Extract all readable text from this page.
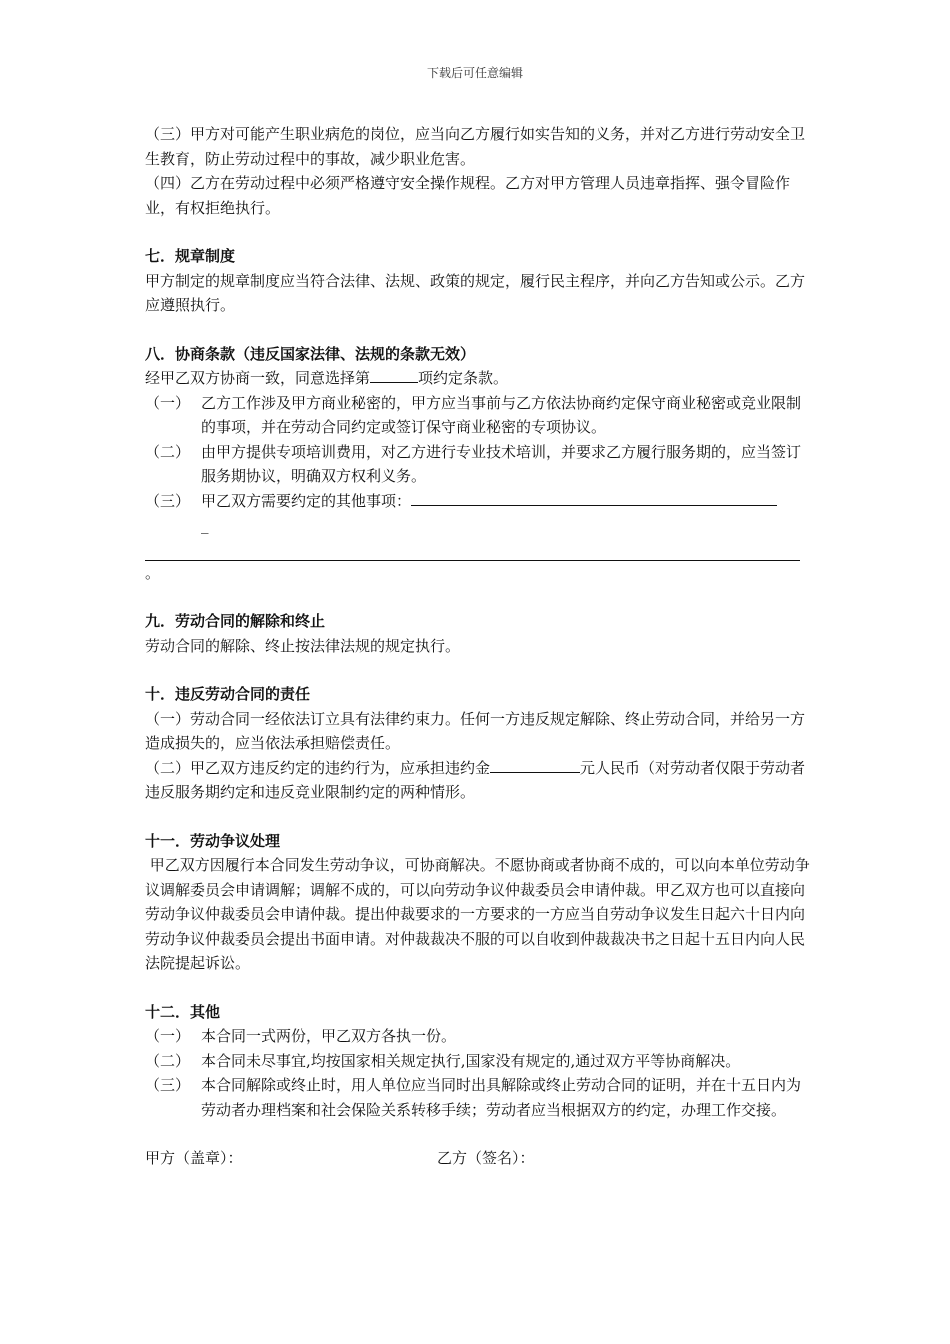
下载后可任意编辑

（三）甲方对可能产生职业病危的岗位，应当向乙方履行如实告知的义务，并对乙方进行劳动安全卫生教育，防止劳动过程中的事故，减少职业危害。

（四）乙方在劳动过程中必须严格遵守安全操作规程。乙方对甲方管理人员违章指挥、强令冒险作业，有权拒绝执行。

七．规章制度

甲方制定的规章制度应当符合法律、法规、政策的规定，履行民主程序，并向乙方告知或公示。乙方应遵照执行。

八．协商条款（违反国家法律、法规的条款无效）

经甲乙双方协商一致，同意选择第	项约定条款。

（一） 乙方工作涉及甲方商业秘密的，甲方应当事前与乙方依法协商约定保守商业秘密或竞业限制的事项，并在劳动合同约定或签订保守商业秘密的专项协议。
（二） 由甲方提供专项培训费用，对乙方进行专业技术培训，并要求乙方履行服务期的，应当签订服务期协议，明确双方权利义务。
（三） 甲乙双方需要约定的其他事项：
_

。

九．劳动合同的解除和终止

劳动合同的解除、终止按法律法规的规定执行。

十．违反劳动合同的责任

（一）劳动合同一经依法订立具有法律约束力。任何一方违反规定解除、终止劳动合同，并给另一方造成损失的，应当依法承担赔偿责任。

（二）甲乙双方违反约定的违约行为，应承担违约金	元人民币（对劳动者仅限于劳动者违反服务期约定和违反竞业限制约定的两种情形。

十一．劳动争议处理

甲乙双方因履行本合同发生劳动争议，可协商解决。不愿协商或者协商不成的，可以向本单位劳动争议调解委员会申请调解；调解不成的，可以向劳动争议仲裁委员会申请仲裁。甲乙双方也可以直接向劳动争议仲裁委员会申请仲裁。提出仲裁要求的一方要求的一方应当自劳动争议发生日起六十日内向劳动争议仲裁委员会提出书面申请。对仲裁裁决不服的可以自收到仲裁裁决书之日起十五日内向人民法院提起诉讼。

十二．其他

（一） 本合同一式两份，甲乙双方各执一份。
（二） 本合同未尽事宜,均按国家相关规定执行,国家没有规定的,通过双方平等协商解决。
（三） 本合同解除或终止时，用人单位应当同时出具解除或终止劳动合同的证明，并在十五日内为劳动者办理档案和社会保险关系转移手续；劳动者应当根据双方的约定，办理工作交接。
甲方（盖章）：	乙方（签名）：
